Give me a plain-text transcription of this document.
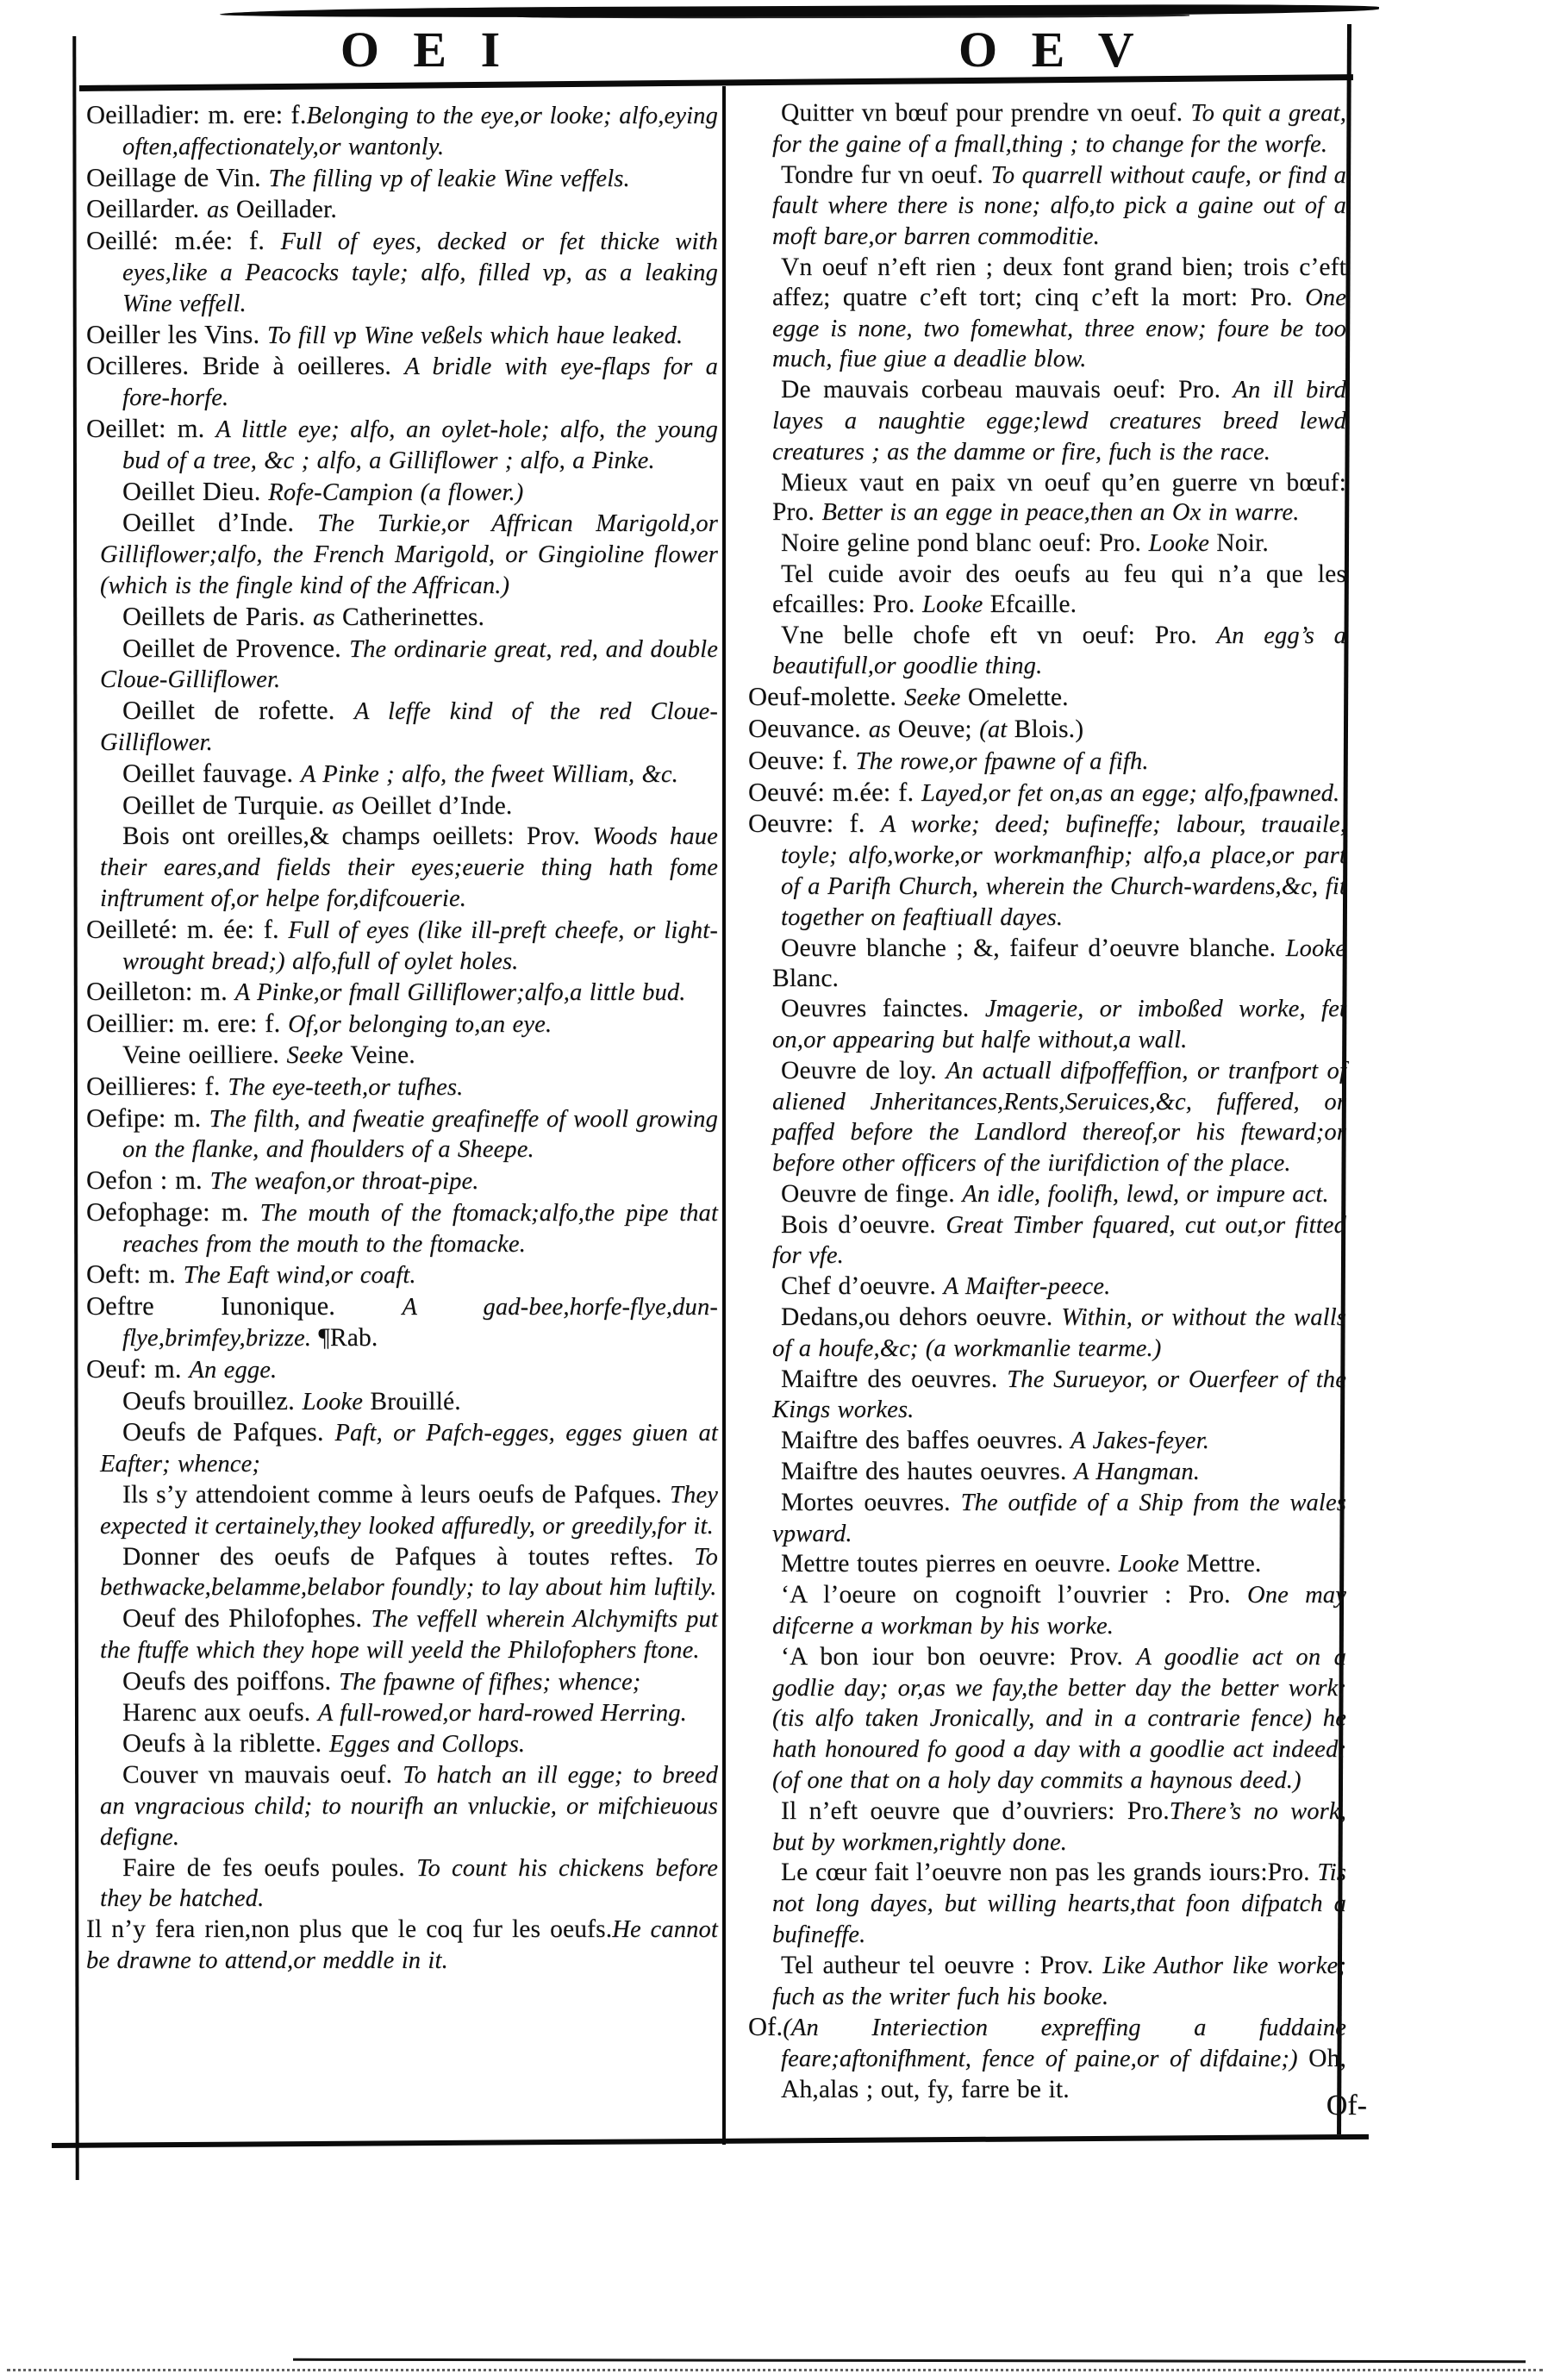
O E I	O E V
Oeilladier: m. ere: f.Belonging to the eye,or looke; alfo,eying often,affectionately,or wantonly.
Oeillage de Vin. The filling vp of leakie Wine veffels.
Oeillarder. as Oeillader.
Oeillé: m.ée: f. Full of eyes, decked or fet thicke with eyes,like a Peacocks tayle; alfo, filled vp, as a leaking Wine veffell.
Oeiller les Vins. To fill vp Wine veßels which haue leaked.
Ocilleres. Bride à oeilleres. A bridle with eye-flaps for a fore-horfe.
Oeillet: m. A little eye; alfo, an oylet-hole; alfo, the young bud of a tree, &c ; alfo, a Gilliflower ; alfo, a Pinke.
Oeillet Dieu. Rofe-Campion (a flower.)
Oeillet d’Inde. The Turkie,or Affrican Marigold,or Gilliflower;alfo, the French Marigold, or Gingioline flower (which is the fingle kind of the Affrican.)
Oeillets de Paris. as Catherinettes.
Oeillet de Provence. The ordinarie great, red, and double Cloue-Gilliflower.
Oeillet de rofette. A leffe kind of the red Cloue-Gilliflower.
Oeillet fauvage. A Pinke ; alfo, the fweet William, &c.
Oeillet de Turquie. as Oeillet d’Inde.
Bois ont oreilles,& champs oeillets: Prov. Woods haue their eares,and fields their eyes;euerie thing hath fome inftrument of,or helpe for,difcouerie.
Oeilleté: m. ée: f. Full of eyes (like ill-preft cheefe, or light-wrought bread;) alfo,full of oylet holes.
Oeilleton: m. A Pinke,or fmall Gilliflower;alfo,a little bud.
Oeillier: m. ere: f. Of,or belonging to,an eye.
Veine oeilliere. Seeke Veine.
Oeillieres: f. The eye-teeth,or tufhes.
Oefipe: m. The filth, and fweatie greafineffe of wooll growing on the flanke, and fhoulders of a Sheepe.
Oefon : m. The weafon,or throat-pipe.
Oefophage: m. The mouth of the ftomack;alfo,the pipe that reaches from the mouth to the ftomacke.
Oeft: m. The Eaft wind,or coaft.
Oeftre Iunonique. A gad-bee,horfe-flye,dun-flye,brimfey,brizze. ¶Rab.
Oeuf: m. An egge.
Oeufs brouillez. Looke Brouillé.
Oeufs de Pafques. Paft, or Pafch-egges, egges giuen at Eafter; whence;
Ils s’y attendoient comme à leurs oeufs de Pafques. They expected it certainely,they looked affuredly, or greedily,for it.
Donner des oeufs de Pafques à toutes reftes. To bethwacke,belamme,belabor foundly; to lay about him luftily.
Oeuf des Philofophes. The veffell wherein Alchymifts put the ftuffe which they hope will yeeld the Philofophers ftone.
Oeufs des poiffons. The fpawne of fifhes; whence;
Harenc aux oeufs. A full-rowed,or hard-rowed Herring.
Oeufs à la riblette. Egges and Collops.
Couver vn mauvais oeuf. To hatch an ill egge; to breed an vngracious child; to nourifh an vnluckie, or mifchieuous defigne.
Faire de fes oeufs poules. To count his chickens before they be hatched.
Il n’y fera rien,non plus que le coq fur les oeufs.He cannot be drawne to attend,or meddle in it.
Quitter vn bœuf pour prendre vn oeuf. To quit a great, for the gaine of a fmall,thing ; to change for the worfe.
Tondre fur vn oeuf. To quarrell without caufe, or find a fault where there is none; alfo,to pick a gaine out of a moft bare,or barren commoditie.
Vn oeuf n’eft rien ; deux font grand bien; trois c’eft affez; quatre c’eft tort; cinq c’eft la mort: Pro. One egge is none, two fomewhat, three enow; foure be too much, fiue giue a deadlie blow.
De mauvais corbeau mauvais oeuf: Pro. An ill bird layes a naughtie egge;lewd creatures breed lewd creatures ; as the damme or fire, fuch is the race.
Mieux vaut en paix vn oeuf qu’en guerre vn bœuf: Pro. Better is an egge in peace,then an Ox in warre.
Noire geline pond blanc oeuf: Pro. Looke Noir.
Tel cuide avoir des oeufs au feu qui n’a que les efcailles: Pro. Looke Efcaille.
Vne belle chofe eft vn oeuf: Pro. An egg’s a beautifull,or goodlie thing.
Oeuf-molette. Seeke Omelette.
Oeuvance. as Oeuve; (at Blois.)
Oeuve: f. The rowe,or fpawne of a fifh.
Oeuvé: m.ée: f. Layed,or fet on,as an egge; alfo,fpawned.
Oeuvre: f. A worke; deed; bufineffe; labour, trauaile, toyle; alfo,worke,or workmanfhip; alfo,a place,or part of a Parifh Church, wherein the Church-wardens,&c, fit together on feaftiuall dayes.
Oeuvre blanche ; &, faifeur d’oeuvre blanche. Looke Blanc.
Oeuvres fainctes. Jmagerie, or imboßed worke, fet on,or appearing but halfe without,a wall.
Oeuvre de loy. An actuall difpoffeffion, or tranfport of aliened Jnheritances,Rents,Seruices,&c, fuffered, or paffed before the Landlord thereof,or his fteward;or before other officers of the iurifdiction of the place.
Oeuvre de finge. An idle, foolifh, lewd, or impure act.
Bois d’oeuvre. Great Timber fquared, cut out,or fitted for vfe.
Chef d’oeuvre. A Maifter-peece.
Dedans,ou dehors oeuvre. Within, or without the walls of a houfe,&c; (a workmanlie tearme.)
Maiftre des oeuvres. The Surueyor, or Ouerfeer of the Kings workes.
Maiftre des baffes oeuvres. A Jakes-feyer.
Maiftre des hautes oeuvres. A Hangman.
Mortes oeuvres. The outfide of a Ship from the wales vpward.
Mettre toutes pierres en oeuvre. Looke Mettre.
ʻA l’oeure on cognoift l’ouvrier : Pro. One may difcerne a workman by his worke.
ʻA bon iour bon oeuvre: Prov. A goodlie act on a godlie day; or,as we fay,the better day the better work; (tis alfo taken Jronically, and in a contrarie fence) he hath honoured fo good a day with a goodlie act indeed; (of one that on a holy day commits a haynous deed.)
Il n’eft oeuvre que d’ouvriers: Pro.There’s no work, but by workmen,rightly done.
Le cœur fait l’oeuvre non pas les grands iours:Pro. Tis not long dayes, but willing hearts,that foon difpatch a bufineffe.
Tel autheur tel oeuvre : Prov. Like Author like worke; fuch as the writer fuch his booke.
Of.(An Interiection expreffing a fuddaine feare;aftonifhment, fence of paine,or of difdaine;) Oh, Ah,alas ; out, fy, farre be it.	Of-
